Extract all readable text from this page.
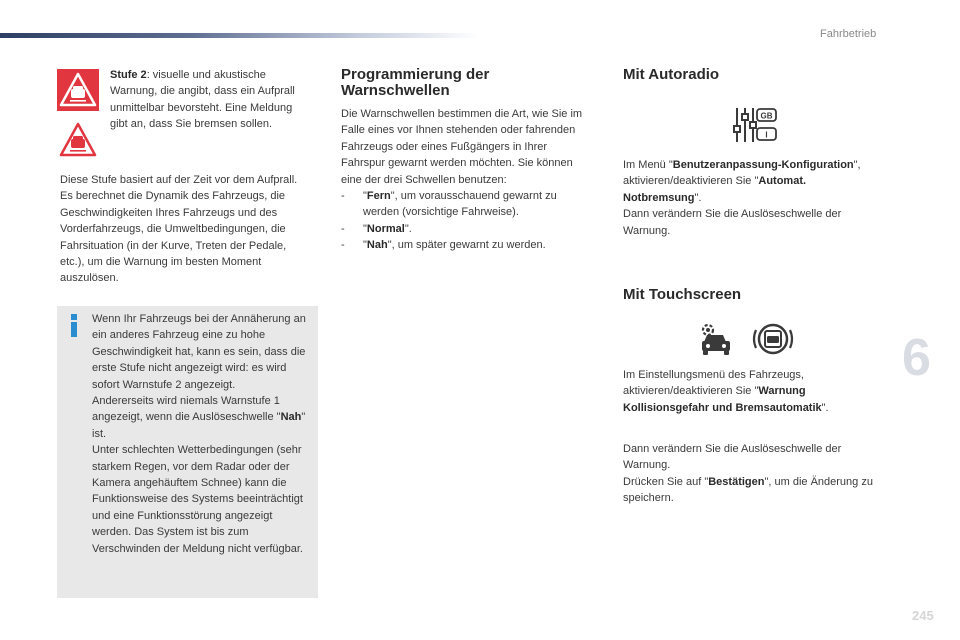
Fahrbetrieb

Stufe 2: visuelle und akustische Warnung, die angibt, dass ein Aufprall unmittelbar bevorsteht. Eine Meldung gibt an, dass Sie bremsen sollen.

Diese Stufe basiert auf der Zeit vor dem Aufprall. Es berechnet die Dynamik des Fahrzeugs, die Geschwindigkeiten Ihres Fahrzeugs und des Vorderfahrzeugs, die Umweltbedingungen, die Fahrsituation (in der Kurve, Treten der Pedale, etc.), um die Warnung im besten Moment auszulösen.

Wenn Ihr Fahrzeugs bei der Annäherung an ein anderes Fahrzeug eine zu hohe Geschwindigkeit hat, kann es sein, dass die erste Stufe nicht angezeigt wird: es wird sofort Warnstufe 2 angezeigt.

Andererseits wird niemals Warnstufe 1 angezeigt, wenn die Auslöseschwelle "Nah" ist.

Unter schlechten Wetterbedingungen (sehr starkem Regen, vor dem Radar oder der Kamera angehäuftem Schnee) kann die Funktionsweise des Systems beeinträchtigt und eine Funktionsstörung angezeigt werden. Das System ist bis zum Verschwinden der Meldung nicht verfügbar.

Programmierung der Warnschwellen

Die Warnschwellen bestimmen die Art, wie Sie im Falle eines vor Ihnen stehenden oder fahrenden Fahrzeugs oder eines Fußgängers in Ihrer Fahrspur gewarnt werden möchten. Sie können eine der drei Schwellen benutzen:

-	"Fern", um vorausschauend gewarnt zu werden (vorsichtige Fahrweise).
-	"Normal".
-	"Nah", um später gewarnt zu werden.
Mit Autoradio
GB
I

Im Menü "Benutzeranpassung-Konfiguration", aktivieren/deaktivieren Sie "Automat. Notbremsung".

Dann verändern Sie die Auslöseschwelle der Warnung.

Mit Touchscreen

Im Einstellungsmenü des Fahrzeugs, aktivieren/deaktivieren Sie "Warnung Kollisionsgefahr und Bremsautomatik".

Dann verändern Sie die Auslöseschwelle der Warnung.

Drücken Sie auf "Bestätigen", um die Änderung zu speichern.

6
245
